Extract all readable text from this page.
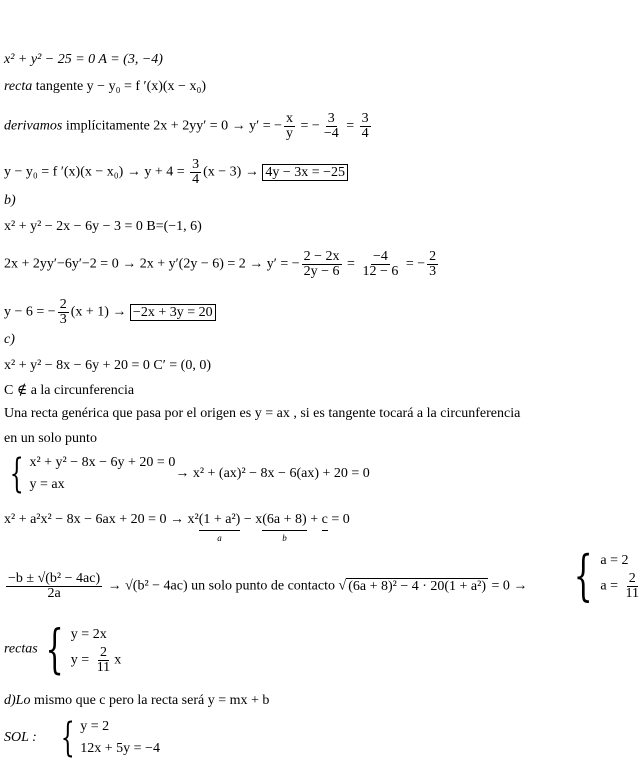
x² + y² − 25 = 0 A = (3, −4)
recta tangente y − y₀ = f ′(x)(x − x₀)
derivamos implícitamente 2x + 2yy′ = 0 → y′ = − $\frac{x}{y}$ = − $\frac{3}{-4} = \frac{3}{4}$
y − y₀ = f $'(x)(x - x_0) \to y + 4 = \frac{3}{4} (x - 3) \to 4y - 3x = -25$
b)
x² + y² − 2x − 6y − 3 = 0 B=(−1, 6)
2x + 2yy′−6y′−2 = 0 → 2x + y′(2y − 6) = 2 → y′ = − $\frac{2 - 2x}{2y - 6} = \frac{-4}{12 - 6}$ = − $\frac{2}{3}$
y − 6 = − $\frac{2}{3} (x + 1) \to -2x + 3y = 20$
c)
x² + y² − 8x − 6y + 20 = 0 C′ = (0, 0)
C ∉ a la circunferencia
Una recta genérica que pasa por el origen es y = ax , si es tangente tocará a la circunferencia
en un solo punto
{ x² + y² − 8x − 6y + 20 = 0
y = ax
→ x² + (ax)² − 8x − 6(ax) + 20 = 0
x² + a²x² − 8x − 6ax + 20 = 0 → x²(1 + a²)
a
− x(6a + 8)
b
+ c = 0
$\frac{\text{−b ± √(b² − 4ac)}}{2a} \to √(b^2 - 4ac)$ un solo punto de contacto √ (6a + 8)² − 4 · 20(1 + a²) = 0 → { a = 2
$a = \frac{2}{11}$
rectas { y = 2x
$y = \frac{2}{11}$ x
d)Lo mismo que c pero la recta será y = mx + b
SOL : { y = 2
12x + 5y = −4
